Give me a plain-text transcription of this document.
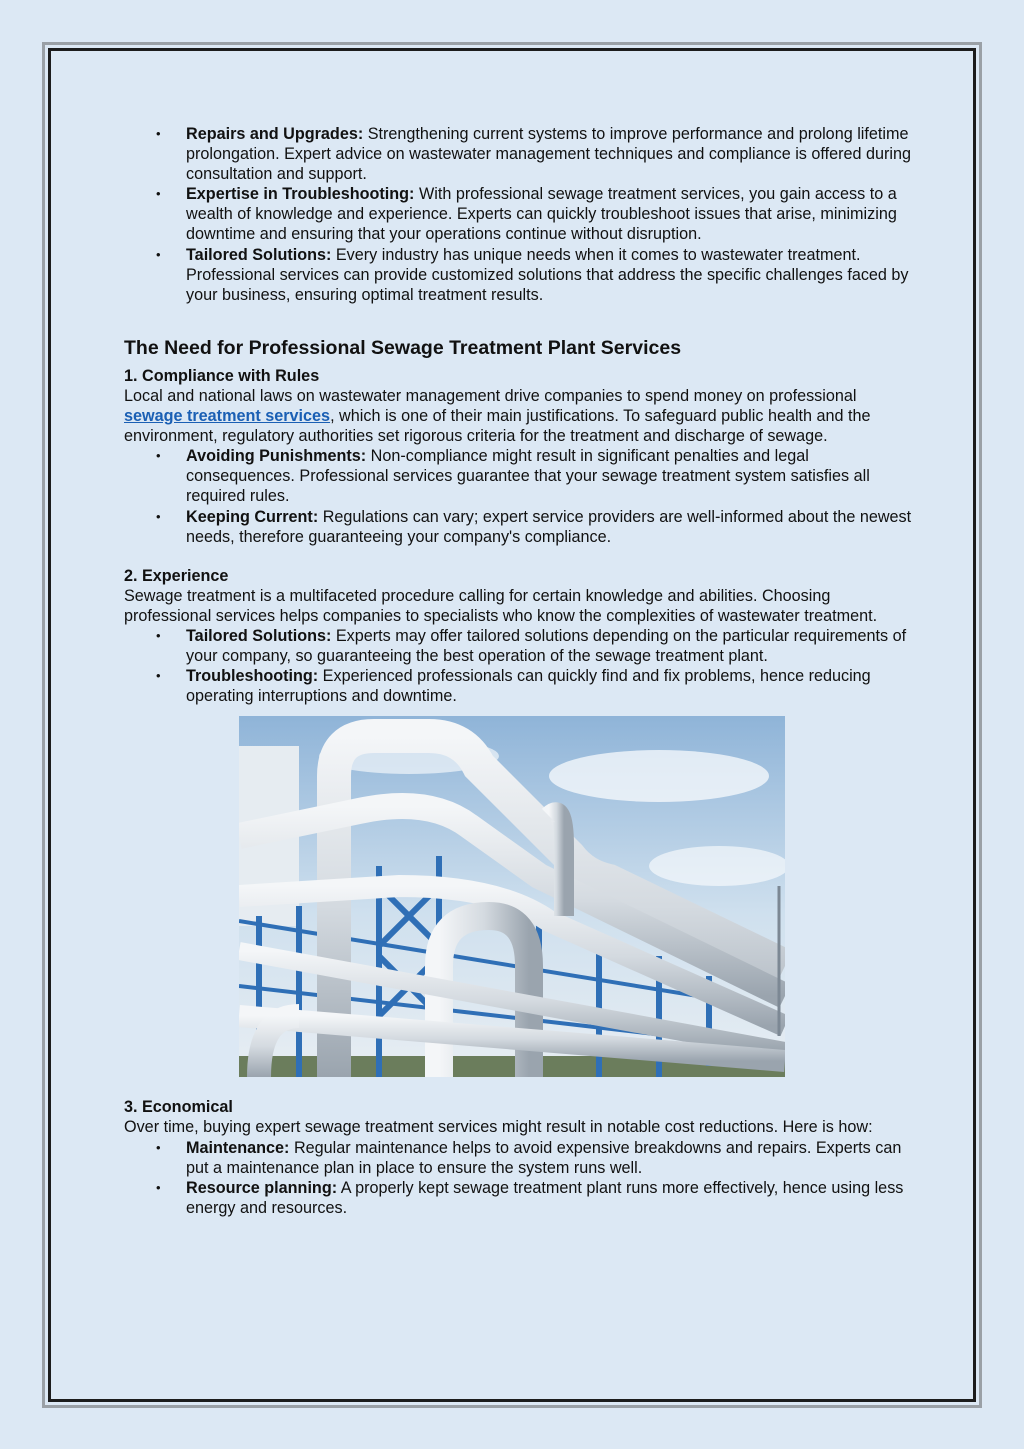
• Repairs and Upgrades: Strengthening current systems to improve performance and prolong lifetime prolongation. Expert advice on wastewater management techniques and compliance is offered during consultation and support.
• Expertise in Troubleshooting: With professional sewage treatment services, you gain access to a wealth of knowledge and experience. Experts can quickly troubleshoot issues that arise, minimizing downtime and ensuring that your operations continue without disruption.
• Tailored Solutions: Every industry has unique needs when it comes to wastewater treatment. Professional services can provide customized solutions that address the specific challenges faced by your business, ensuring optimal treatment results.
The Need for Professional Sewage Treatment Plant Services
1. Compliance with Rules
Local and national laws on wastewater management drive companies to spend money on professional sewage treatment services, which is one of their main justifications. To safeguard public health and the environment, regulatory authorities set rigorous criteria for the treatment and discharge of sewage.
• Avoiding Punishments: Non-compliance might result in significant penalties and legal consequences. Professional services guarantee that your sewage treatment system satisfies all required rules.
• Keeping Current: Regulations can vary; expert service providers are well-informed about the newest needs, therefore guaranteeing your company's compliance.
2. Experience
Sewage treatment is a multifaceted procedure calling for certain knowledge and abilities. Choosing professional services helps companies to specialists who know the complexities of wastewater treatment.
• Tailored Solutions: Experts may offer tailored solutions depending on the particular requirements of your company, so guaranteeing the best operation of the sewage treatment plant.
• Troubleshooting: Experienced professionals can quickly find and fix problems, hence reducing operating interruptions and downtime.
3. Economical
Over time, buying expert sewage treatment services might result in notable cost reductions. Here is how:
• Maintenance: Regular maintenance helps to avoid expensive breakdowns and repairs. Experts can put a maintenance plan in place to ensure the system runs well.
• Resource planning: A properly kept sewage treatment plant runs more effectively, hence using less energy and resources.
